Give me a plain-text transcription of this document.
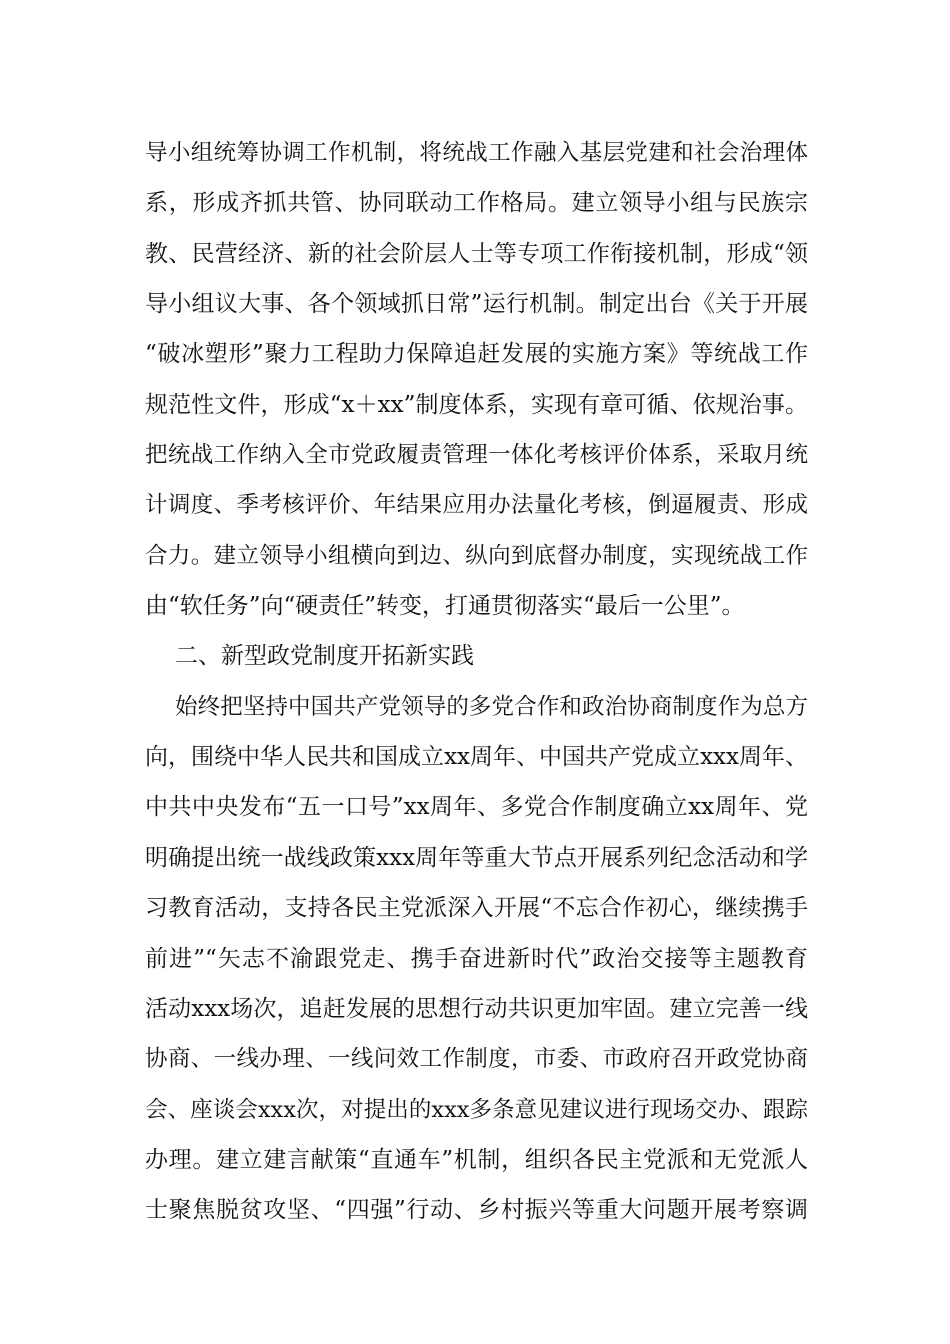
导小组统筹协调工作机制，将统战工作融入基层党建和社会治理体
系，形成齐抓共管、协同联动工作格局。建立领导小组与民族宗
教、民营经济、新的社会阶层人士等专项工作衔接机制，形成“领
导小组议大事、各个领域抓日常”运行机制。制定出台《关于开展
“破冰塑形”聚力工程助力保障追赶发展的实施方案》等统战工作
规范性文件，形成“x＋xx”制度体系，实现有章可循、依规治事。
把统战工作纳入全市党政履责管理一体化考核评价体系，采取月统
计调度、季考核评价、年结果应用办法量化考核，倒逼履责、形成
合力。建立领导小组横向到边、纵向到底督办制度，实现统战工作
由“软任务”向“硬责任”转变，打通贯彻落实“最后一公里”。
二、新型政党制度开拓新实践
始终把坚持中国共产党领导的多党合作和政治协商制度作为总方
向，围绕中华人民共和国成立xx周年、中国共产党成立xxx周年、
中共中央发布“五一口号”xx周年、多党合作制度确立xx周年、党
明确提出统一战线政策xxx周年等重大节点开展系列纪念活动和学
习教育活动，支持各民主党派深入开展“不忘合作初心，继续携手
前进”“矢志不渝跟党走、携手奋进新时代”政治交接等主题教育
活动xxx场次，追赶发展的思想行动共识更加牢固。建立完善一线
协商、一线办理、一线问效工作制度，市委、市政府召开政党协商
会、座谈会xxx次，对提出的xxx多条意见建议进行现场交办、跟踪
办理。建立建言献策“直通车”机制，组织各民主党派和无党派人
士聚焦脱贫攻坚、“四强”行动、乡村振兴等重大问题开展考察调
